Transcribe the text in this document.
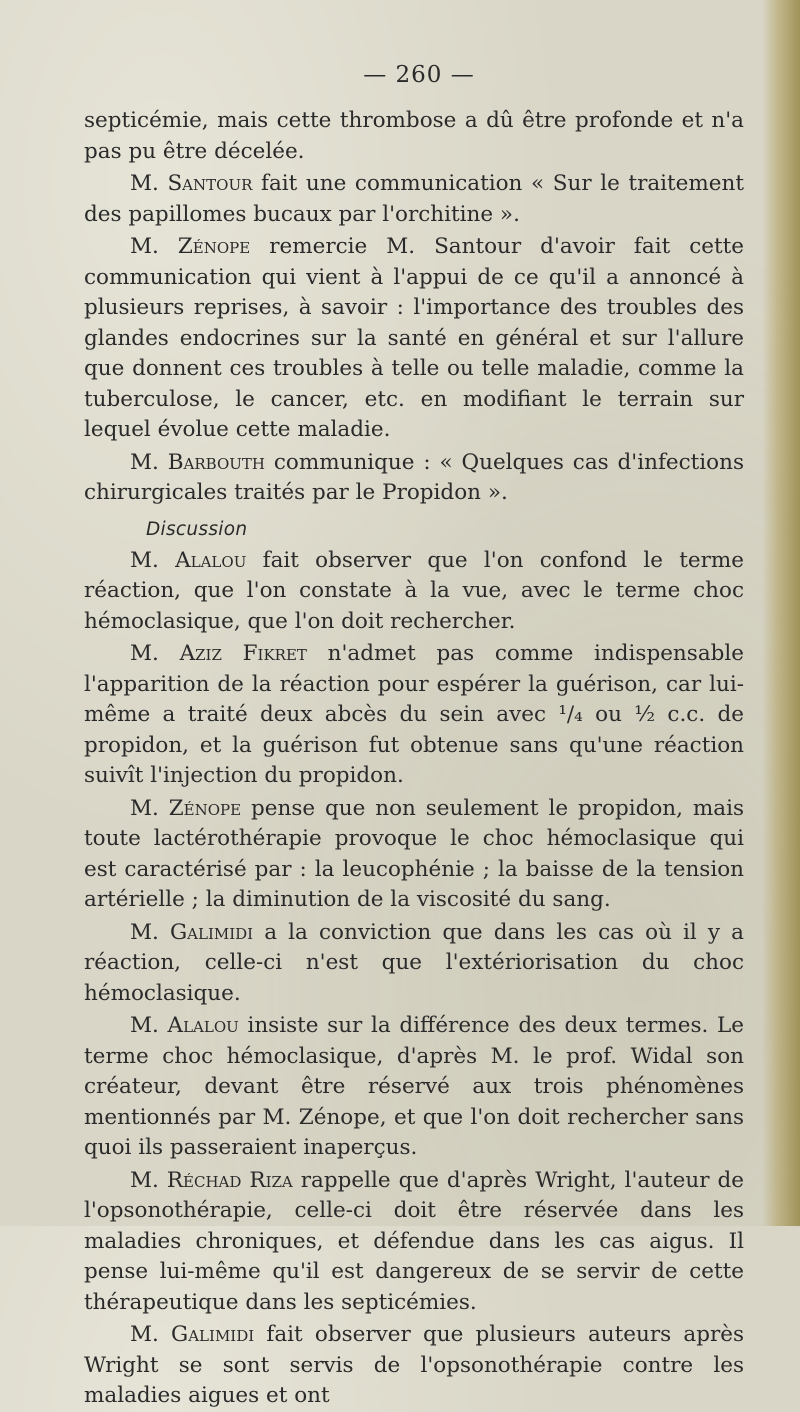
— 260 —

septicémie, mais cette thrombose a dû être profonde et n'a pas pu être décelée.

M. Santour fait une communication « Sur le traitement des papillomes bucaux par l'orchitine ».

M. Zénope remercie M. Santour d'avoir fait cette communication qui vient à l'appui de ce qu'il a annoncé à plusieurs reprises, à savoir : l'importance des troubles des glandes endocrines sur la santé en général et sur l'allure que donnent ces troubles à telle ou telle maladie, comme la tuberculose, le cancer, etc. en modifiant le terrain sur lequel évolue cette maladie.

M. Barbouth communique : « Quelques cas d'infections chirurgicales traités par le Propidon ».

Discussion

M. Alalou fait observer que l'on confond le terme réaction, que l'on constate à la vue, avec le terme choc hémoclasique, que l'on doit rechercher.

M. Aziz Fikret n'admet pas comme indispensable l'apparition de la réaction pour espérer la guérison, car lui-même a traité deux abcès du sein avec ¹/₄ ou ½ c.c. de propidon, et la guérison fut obtenue sans qu'une réaction suivît l'injection du propidon.

M. Zénope pense que non seulement le propidon, mais toute lactérothérapie provoque le choc hémoclasique qui est caractérisé par : la leucophénie ; la baisse de la tension artérielle ; la diminution de la viscosité du sang.

M. Galimidi a la conviction que dans les cas où il y a réaction, celle-ci n'est que l'extériorisation du choc hémoclasique.

M. Alalou insiste sur la différence des deux termes. Le terme choc hémoclasique, d'après M. le prof. Widal son créateur, devant être réservé aux trois phénomènes mentionnés par M. Zénope, et que l'on doit rechercher sans quoi ils passeraient inaperçus.

M. Réchad Riza rappelle que d'après Wright, l'auteur de l'opsonothérapie, celle-ci doit être réservée dans les maladies chroniques, et défendue dans les cas aigus. Il pense lui-même qu'il est dangereux de se servir de cette thérapeutique dans les septicémies.

M. Galimidi fait observer que plusieurs auteurs après Wright se sont servis de l'opsonothérapie contre les maladies aigues et ont
